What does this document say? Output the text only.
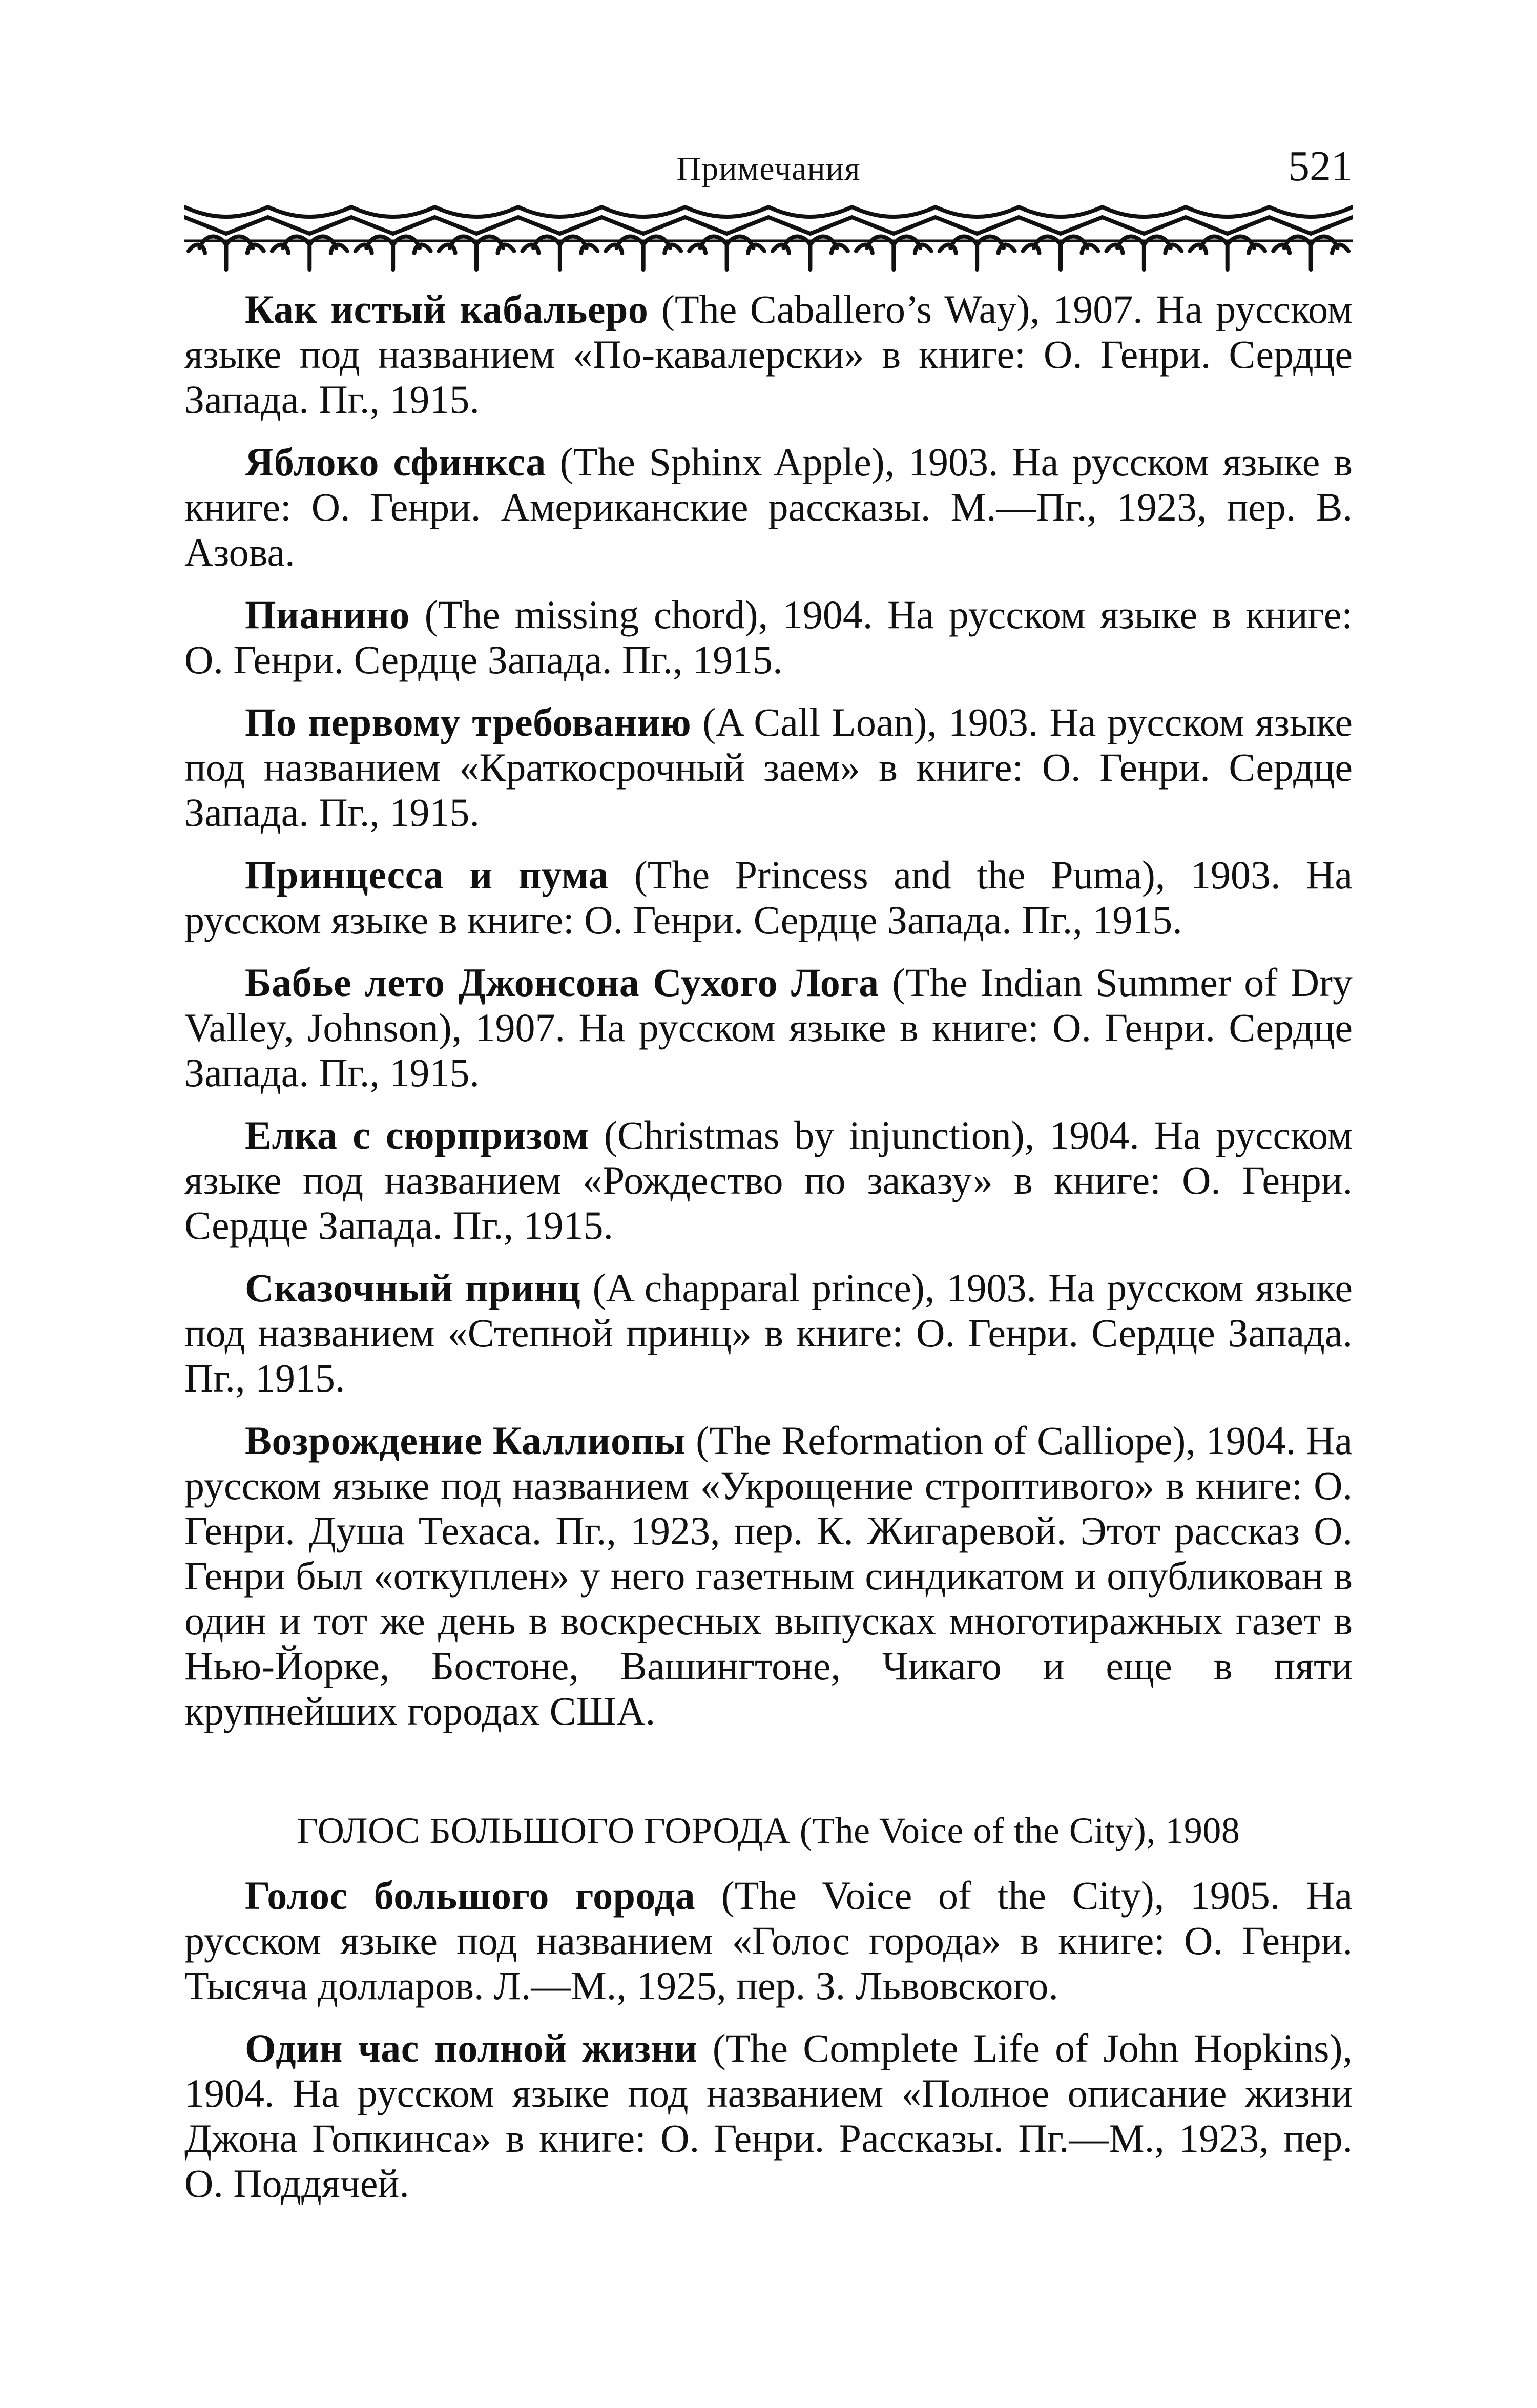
Примечания	521

Как истый кабальеро (The Caballero’s Way), 1907. На русском языке под названием «По-кавалерски» в книге: О. Генри. Сердце Запада. Пг., 1915.

Яблоко сфинкса (The Sphinx Apple), 1903. На русском языке в книге: О. Генри. Американские рассказы. М.—Пг., 1923, пер. В. Азова.

Пианино (The missing chord), 1904. На русском языке в книге: О. Генри. Сердце Запада. Пг., 1915.

По первому требованию (A Call Loan), 1903. На русском языке под названием «Краткосрочный заем» в книге: О. Генри. Сердце Запада. Пг., 1915.

Принцесса и пума (The Princess and the Puma), 1903. На русском языке в книге: О. Генри. Сердце Запада. Пг., 1915.

Бабье лето Джонсона Сухого Лога (The Indian Summer of Dry Valley, Johnson), 1907. На русском языке в книге: О. Генри. Сердце Запада. Пг., 1915.

Елка с сюрпризом (Christmas by injunction), 1904. На русском языке под названием «Рождество по заказу» в книге: О. Генри. Сердце Запада. Пг., 1915.

Сказочный принц (A chapparal prince), 1903. На русском языке под названием «Степной принц» в книге: О. Генри. Сердце Запада. Пг., 1915.

Возрождение Каллиопы (The Reformation of Calliope), 1904. На русском языке под названием «Укрощение строптивого» в книге: О. Генри. Душа Техаса. Пг., 1923, пер. К. Жигаревой. Этот рассказ О. Генри был «откуплен» у него газетным синдикатом и опубликован в один и тот же день в воскресных выпусках многотиражных газет в Нью-Йорке, Бостоне, Вашингтоне, Чикаго и еще в пяти крупнейших городах США.

ГОЛОС БОЛЬШОГО ГОРОДА (The Voice of the City), 1908

Голос большого города (The Voice of the City), 1905. На русском языке под названием «Голос города» в книге: О. Генри. Тысяча долларов. Л.—М., 1925, пер. З. Львовского.

Один час полной жизни (The Complete Life of John Hopkins), 1904. На русском языке под названием «Полное описание жизни Джона Гопкинса» в книге: О. Генри. Рассказы. Пг.—М., 1923, пер. О. Поддячей.
